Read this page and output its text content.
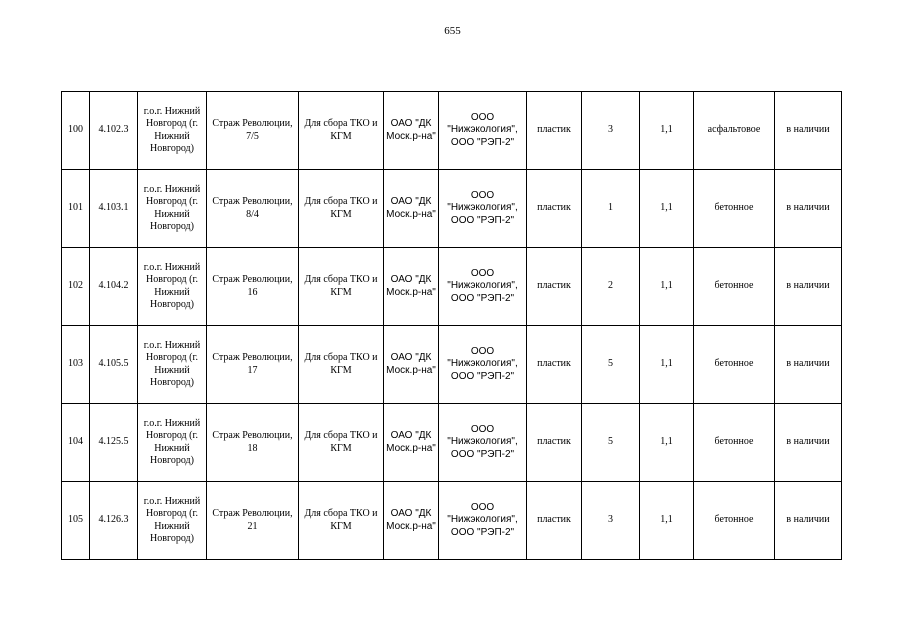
655
100	4.102.3	г.о.г. Нижний Новгород (г. Нижний Новгород)	Страж Революции, 7/5	Для сбора ТКО и КГМ	ОАО "ДК Моск.р-на"	ООО "Нижэкология", ООО "РЭП-2"	пластик	3	1,1	асфальтовое	в наличии
101	4.103.1	г.о.г. Нижний Новгород (г. Нижний Новгород)	Страж Революции, 8/4	Для сбора ТКО и КГМ	ОАО "ДК Моск.р-на"	ООО "Нижэкология", ООО "РЭП-2"	пластик	1	1,1	бетонное	в наличии
102	4.104.2	г.о.г. Нижний Новгород (г. Нижний Новгород)	Страж Революции, 16	Для сбора ТКО и КГМ	ОАО "ДК Моск.р-на"	ООО "Нижэкология", ООО "РЭП-2"	пластик	2	1,1	бетонное	в наличии
103	4.105.5	г.о.г. Нижний Новгород (г. Нижний Новгород)	Страж Революции, 17	Для сбора ТКО и КГМ	ОАО "ДК Моск.р-на"	ООО "Нижэкология", ООО "РЭП-2"	пластик	5	1,1	бетонное	в наличии
104	4.125.5	г.о.г. Нижний Новгород (г. Нижний Новгород)	Страж Революции, 18	Для сбора ТКО и КГМ	ОАО "ДК Моск.р-на"	ООО "Нижэкология", ООО "РЭП-2"	пластик	5	1,1	бетонное	в наличии
105	4.126.3	г.о.г. Нижний Новгород (г. Нижний Новгород)	Страж Революции, 21	Для сбора ТКО и КГМ	ОАО "ДК Моск.р-на"	ООО "Нижэкология", ООО "РЭП-2"	пластик	3	1,1	бетонное	в наличии
